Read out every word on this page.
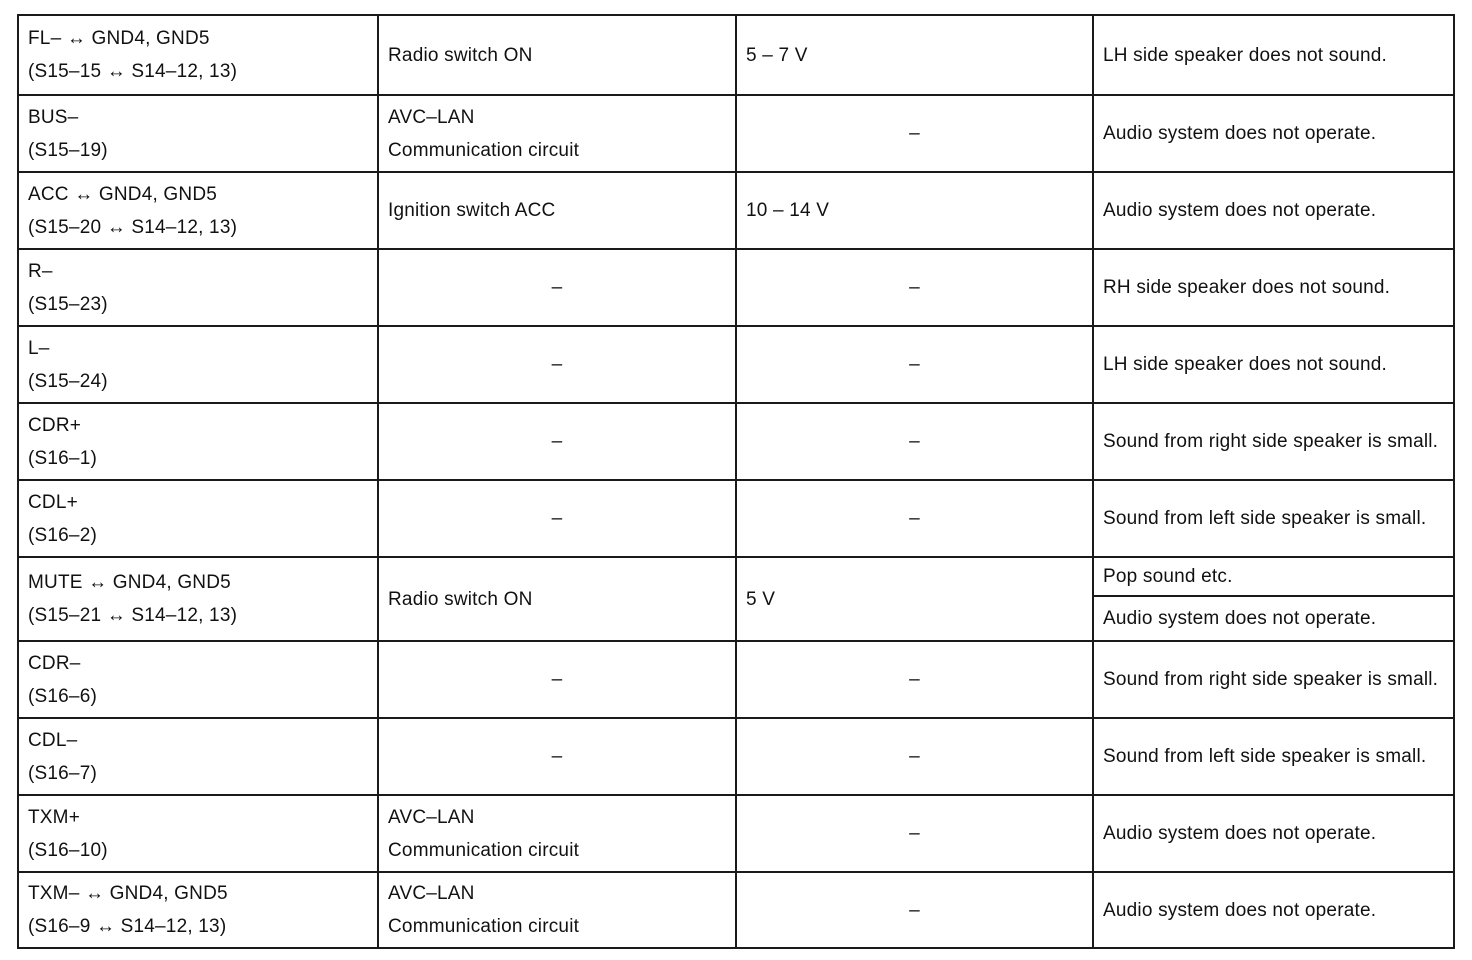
FL– ↔ GND4, GND5
(S15–15 ↔ S14–12, 13)	Radio switch ON	5 – 7 V	LH side speaker does not sound.

BUS–
(S15–19)	AVC–LAN
Communication circuit	–	Audio system does not operate.

ACC ↔ GND4, GND5
(S15–20 ↔ S14–12, 13)	Ignition switch ACC	10 – 14 V	Audio system does not operate.

R–
(S15–23)	–	–	RH side speaker does not sound.

L–
(S15–24)	–	–	LH side speaker does not sound.

CDR+
(S16–1)	–	–	Sound from right side speaker is small.

CDL+
(S16–2)	–	–	Sound from left side speaker is small.

MUTE ↔ GND4, GND5
(S15–21 ↔ S14–12, 13)	Radio switch ON	5 V	Pop sound etc.

			Audio system does not operate.

CDR–
(S16–6)	–	–	Sound from right side speaker is small.

CDL–
(S16–7)	–	–	Sound from left side speaker is small.

TXM+
(S16–10)	AVC–LAN
Communication circuit	–	Audio system does not operate.

TXM– ↔ GND4, GND5
(S16–9 ↔ S14–12, 13)	AVC–LAN
Communication circuit	–	Audio system does not operate.
